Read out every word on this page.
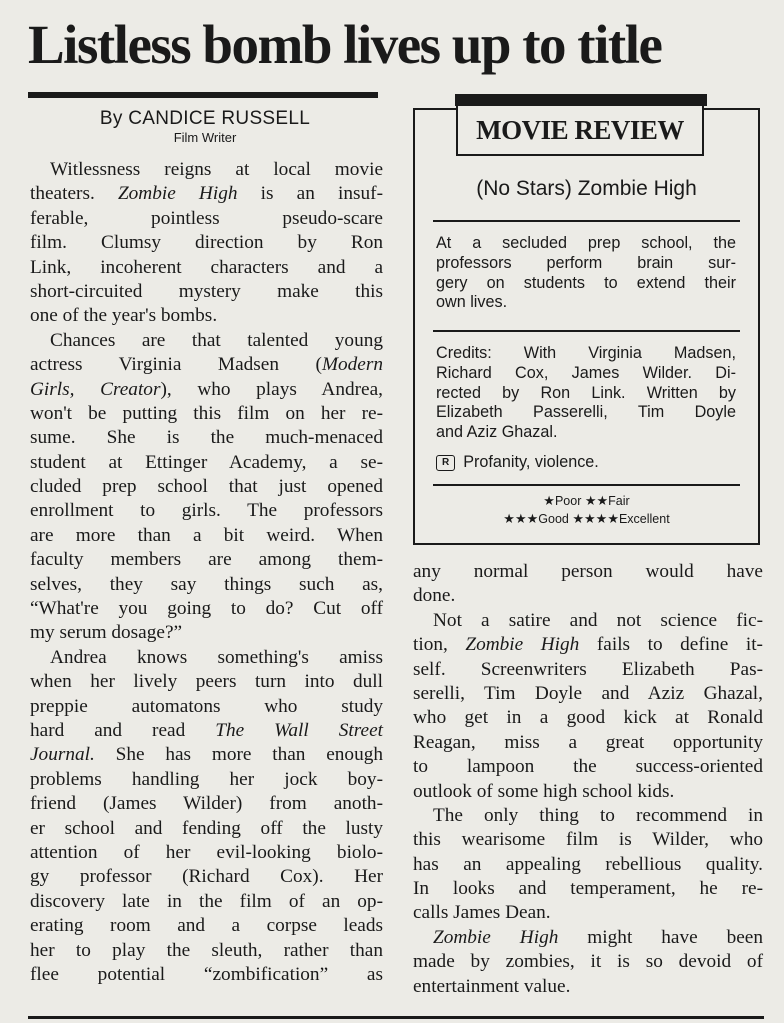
Listless bomb lives up to title
By CANDICE RUSSELL
Film Writer
Witlessness reigns at local movie
theaters. Zombie High is an insuf-
ferable, pointless pseudo-scare
film. Clumsy direction by Ron
Link, incoherent characters and a
short-circuited mystery make this
one of the year's bombs.
Chances are that talented young
actress Virginia Madsen (Modern
Girls, Creator), who plays Andrea,
won't be putting this film on her re-
sume. She is the much-menaced
student at Ettinger Academy, a se-
cluded prep school that just opened
enrollment to girls. The professors
are more than a bit weird. When
faculty members are among them-
selves, they say things such as,
“What're you going to do? Cut off
my serum dosage?”
Andrea knows something's amiss
when her lively peers turn into dull
preppie automatons who study
hard and read The Wall Street
Journal. She has more than enough
problems handling her jock boy-
friend (James Wilder) from anoth-
er school and fending off the lusty
attention of her evil-looking biolo-
gy professor (Richard Cox). Her
discovery late in the film of an op-
erating room and a corpse leads
her to play the sleuth, rather than
flee potential “zombification” as
MOVIE REVIEW
(No Stars) Zombie High
At a secluded prep school, the
professors perform brain sur-
gery on students to extend their
own lives.
Credits: With Virginia Madsen,
Richard Cox, James Wilder. Di-
rected by Ron Link. Written by
Elizabeth Passerelli, Tim Doyle
and Aziz Ghazal.
R Profanity, violence.
★Poor ★★Fair
★★★Good ★★★★Excellent
any normal person would have
done.
Not a satire and not science fic-
tion, Zombie High fails to define it-
self. Screenwriters Elizabeth Pas-
serelli, Tim Doyle and Aziz Ghazal,
who get in a good kick at Ronald
Reagan, miss a great opportunity
to lampoon the success-oriented
outlook of some high school kids.
The only thing to recommend in
this wearisome film is Wilder, who
has an appealing rebellious quality.
In looks and temperament, he re-
calls James Dean.
Zombie High might have been
made by zombies, it is so devoid of
entertainment value.
